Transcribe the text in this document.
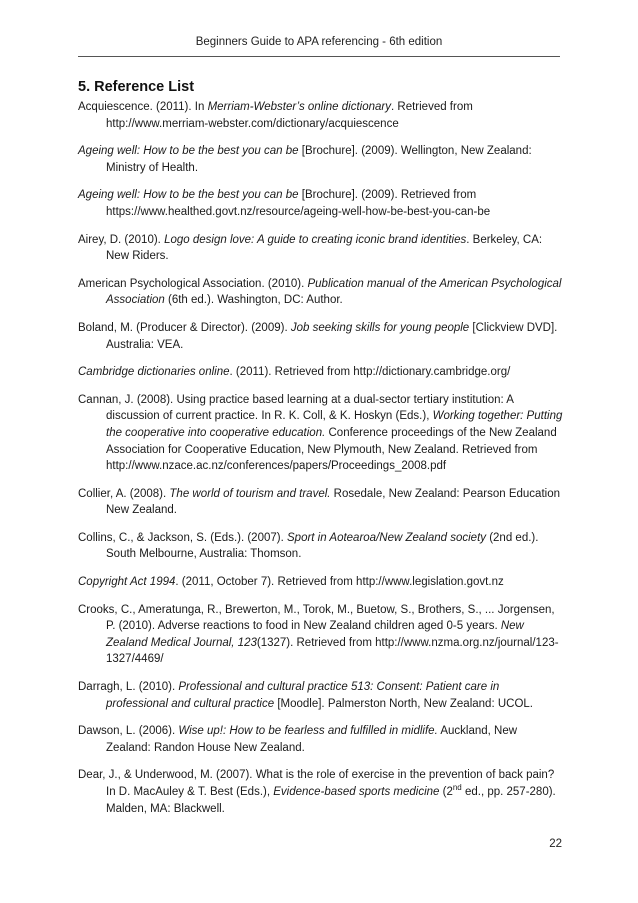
Beginners Guide to APA referencing - 6th edition
5. Reference List

Acquiescence. (2011). In Merriam-Webster’s online dictionary. Retrieved from http://www.merriam-webster.com/dictionary/acquiescence

Ageing well: How to be the best you can be [Brochure]. (2009). Wellington, New Zealand: Ministry of Health.

Ageing well: How to be the best you can be [Brochure]. (2009). Retrieved from https://www.healthed.govt.nz/resource/ageing-well-how-be-best-you-can-be

Airey, D. (2010). Logo design love: A guide to creating iconic brand identities. Berkeley, CA: New Riders.

American Psychological Association. (2010). Publication manual of the American Psychological Association (6th ed.). Washington, DC: Author.

Boland, M. (Producer & Director). (2009). Job seeking skills for young people [Clickview DVD]. Australia: VEA.

Cambridge dictionaries online. (2011). Retrieved from http://dictionary.cambridge.org/

Cannan, J. (2008). Using practice based learning at a dual-sector tertiary institution: A discussion of current practice. In R. K. Coll, & K. Hoskyn (Eds.), Working together: Putting the cooperative into cooperative education. Conference proceedings of the New Zealand Association for Cooperative Education, New Plymouth, New Zealand. Retrieved from http://www.nzace.ac.nz/conferences/papers/Proceedings_2008.pdf

Collier, A. (2008). The world of tourism and travel. Rosedale, New Zealand: Pearson Education New Zealand.

Collins, C., & Jackson, S. (Eds.). (2007). Sport in Aotearoa/New Zealand society (2nd ed.). South Melbourne, Australia: Thomson.

Copyright Act 1994. (2011, October 7). Retrieved from http://www.legislation.govt.nz

Crooks, C., Ameratunga, R., Brewerton, M., Torok, M., Buetow, S., Brothers, S., ... Jorgensen, P. (2010). Adverse reactions to food in New Zealand children aged 0-5 years. New Zealand Medical Journal, 123(1327). Retrieved from http://www.nzma.org.nz/journal/123-1327/4469/

Darragh, L. (2010). Professional and cultural practice 513: Consent: Patient care in professional and cultural practice [Moodle]. Palmerston North, New Zealand: UCOL.

Dawson, L. (2006). Wise up!: How to be fearless and fulfilled in midlife. Auckland, New Zealand: Randon House New Zealand.

Dear, J., & Underwood, M. (2007). What is the role of exercise in the prevention of back pain? In D. MacAuley & T. Best (Eds.), Evidence-based sports medicine (2nd ed., pp. 257-280). Malden, MA: Blackwell.

22
